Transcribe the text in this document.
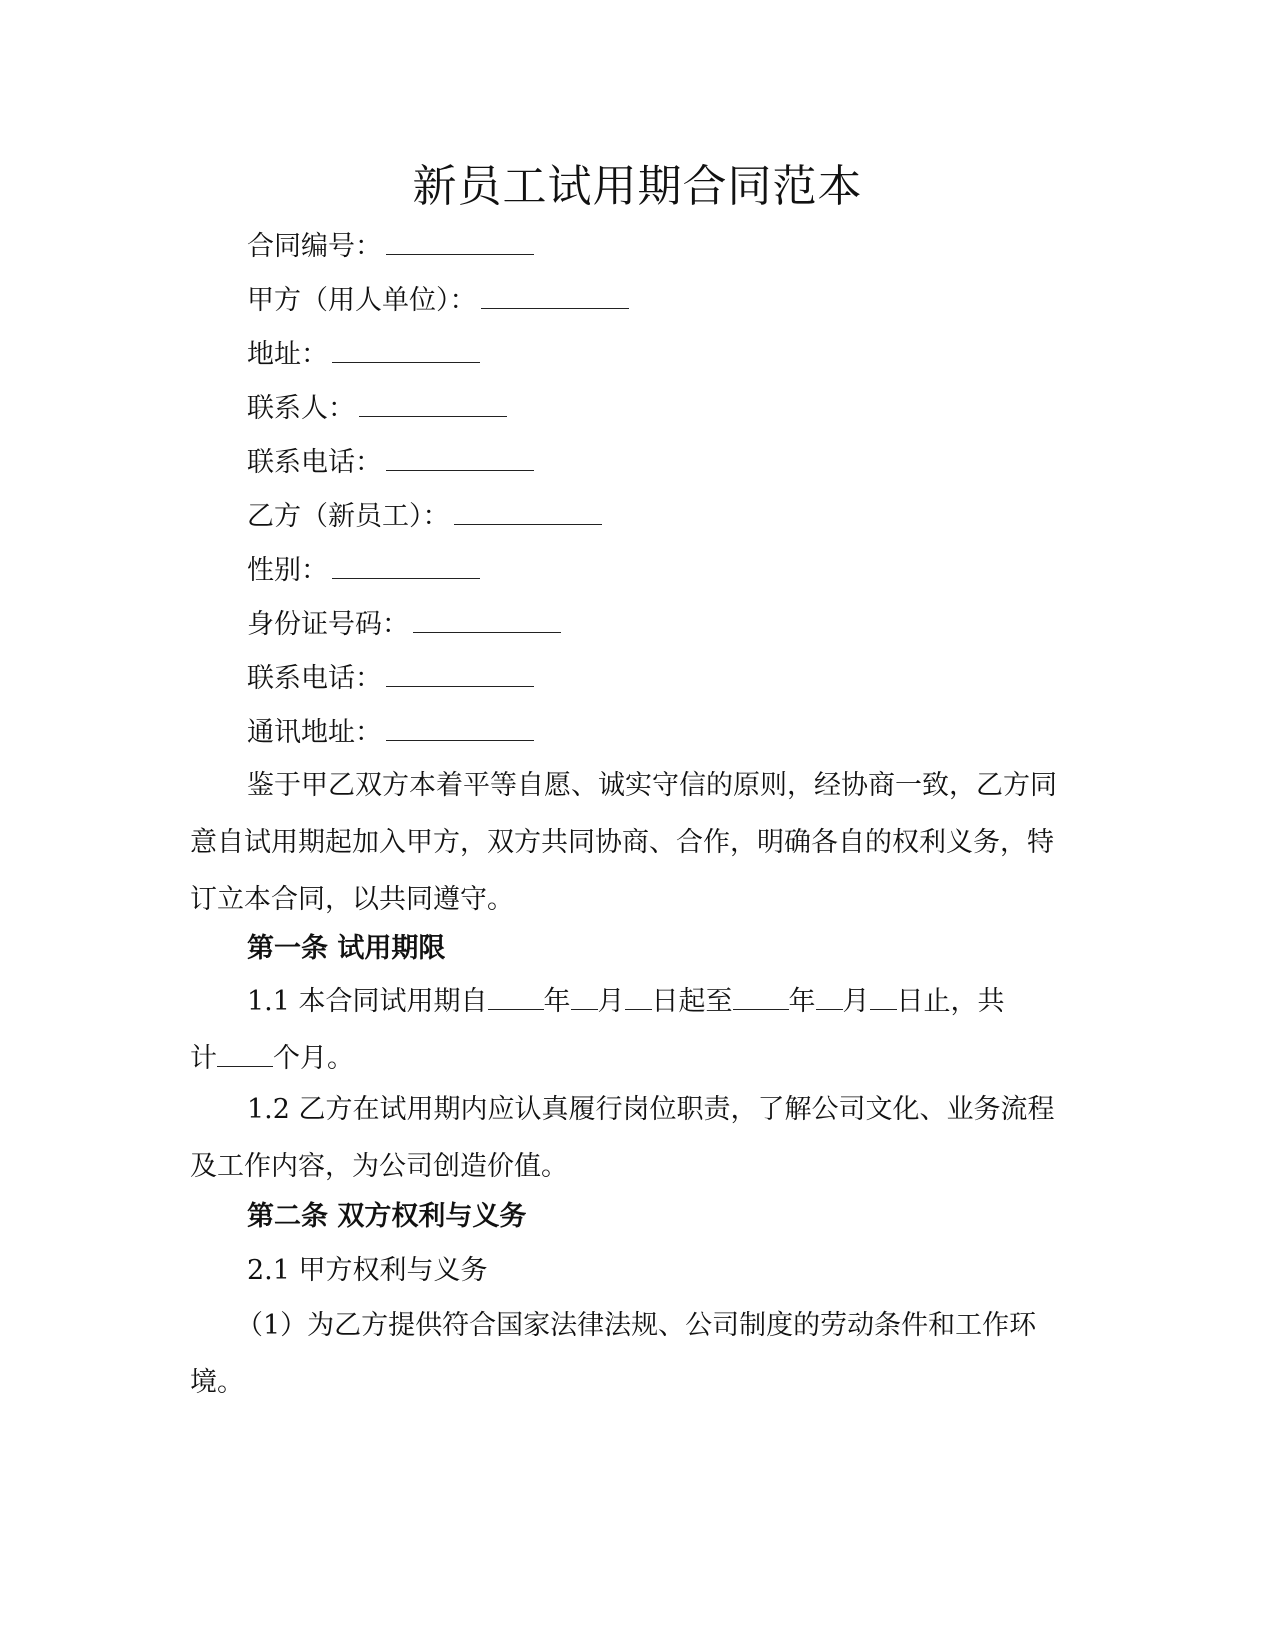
新员工试用期合同范本

合同编号：

甲方（用人单位）：

地址：

联系人：

联系电话：

乙方（新员工）：

性别：

身份证号码：

联系电话：

通讯地址：

鉴于甲乙双方本着平等自愿、诚实守信的原则，经协商一致，乙方同意自试用期起加入甲方，双方共同协商、合作，明确各自的权利义务，特订立本合同，以共同遵守。

第一条 试用期限

1.1 本合同试用期自 年 月 日起至 年 月 日止，共
计 个月。

1.2 乙方在试用期内应认真履行岗位职责，了解公司文化、业务流程及工作内容，为公司创造价值。

第二条 双方权利与义务

2.1 甲方权利与义务

（1）为乙方提供符合国家法律法规、公司制度的劳动条件和工作环境。
